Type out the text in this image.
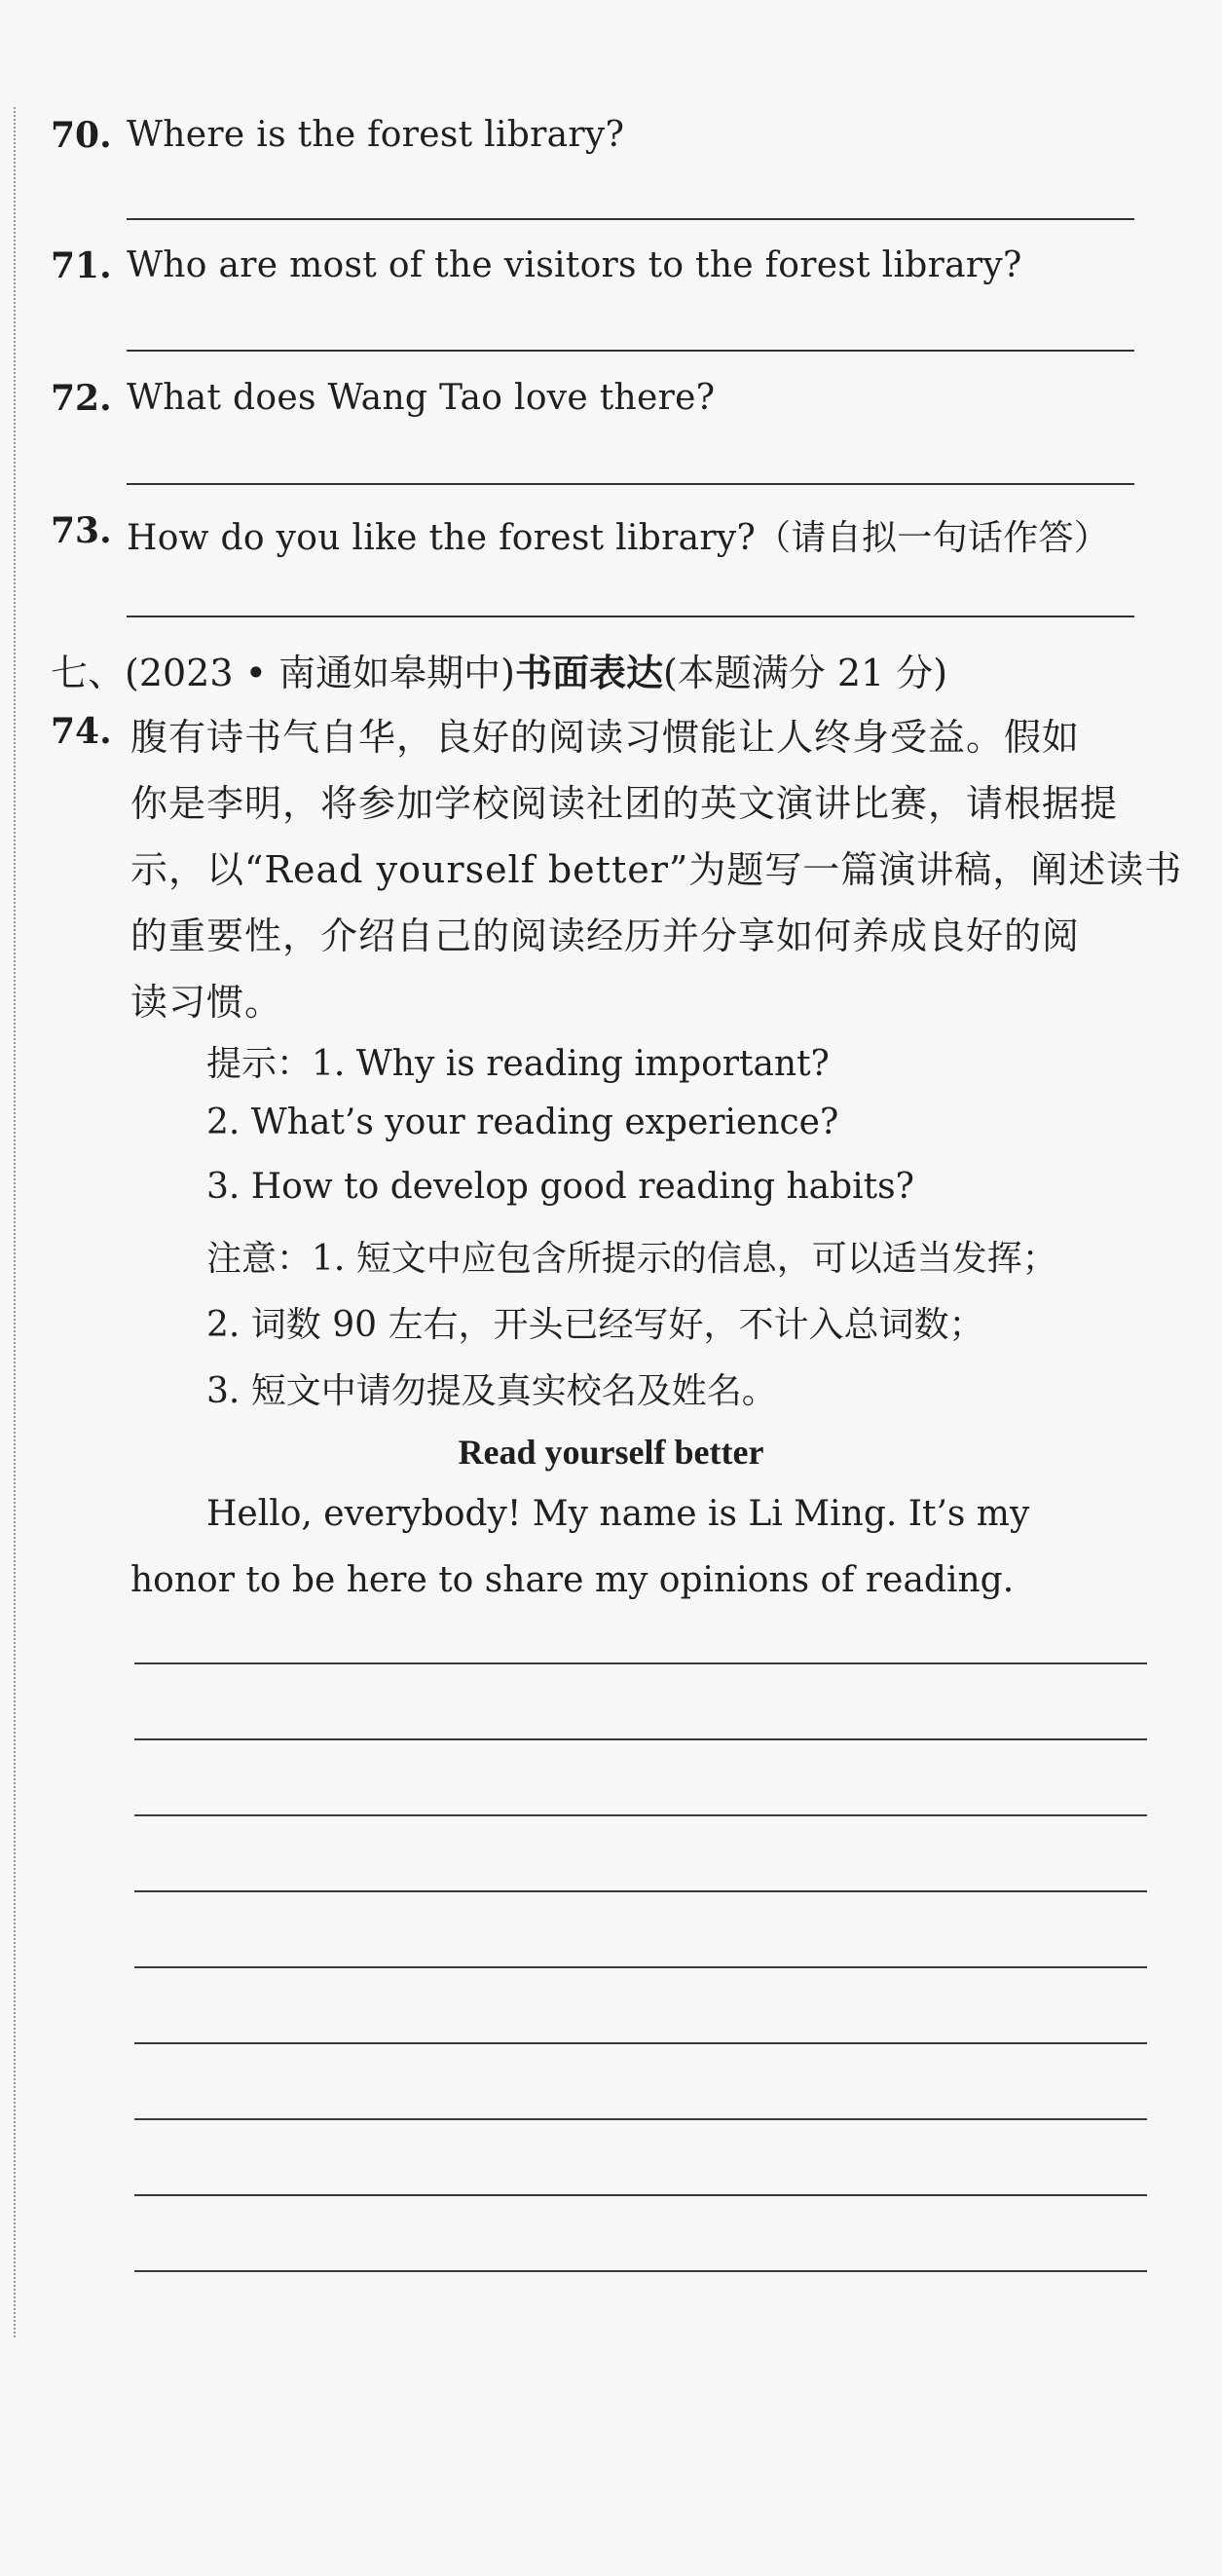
70. Where is the forest library?
71. Who are most of the visitors to the forest library?
72. What does Wang Tao love there?
73. How do you like the forest library?（请自拟一句话作答）
七、(2023 • 南通如皋期中)书面表达(本题满分 21 分)
74. 腹有诗书气自华，良好的阅读习惯能让人终身受益。假如
你是李明，将参加学校阅读社团的英文演讲比赛，请根据提
示，以“Read yourself better”为题写一篇演讲稿，阐述读书
的重要性，介绍自己的阅读经历并分享如何养成良好的阅
读习惯。
提示：1. Why is reading important?
2. What’s your reading experience?
3. How to develop good reading habits?
注意：1. 短文中应包含所提示的信息，可以适当发挥；
2. 词数 90 左右，开头已经写好，不计入总词数；
3. 短文中请勿提及真实校名及姓名。
Read yourself better
Hello, everybody! My name is Li Ming. It’s my
honor to be here to share my opinions of reading.
